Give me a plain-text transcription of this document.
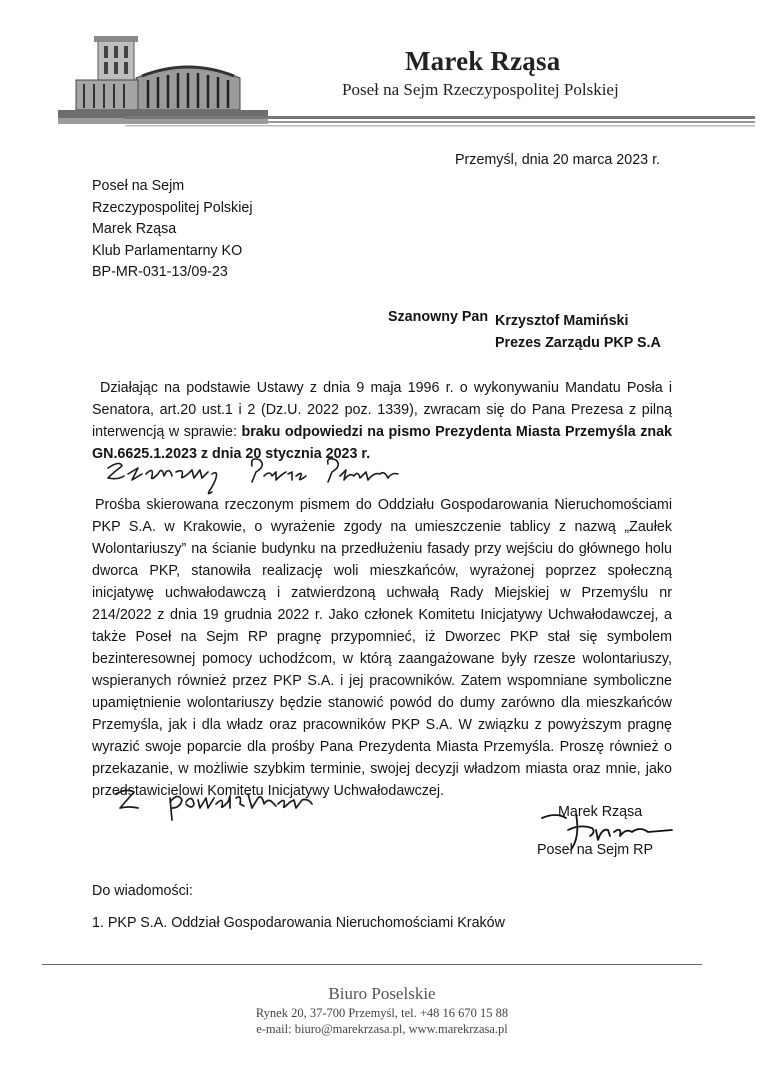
Marek Rząsa
Poseł na Sejm Rzeczypospolitej Polskiej
Przemyśl, dnia 20 marca 2023 r.
Poseł na Sejm
Rzeczypospolitej Polskiej
Marek Rząsa
Klub Parlamentarny KO
BP-MR-031-13/09-23
Szanowny Pan Krzysztof Mamiński
Prezes Zarządu PKP S.A
Działając na podstawie Ustawy z dnia 9 maja 1996 r. o wykonywaniu Mandatu Posła i Senatora, art.20 ust.1 i 2 (Dz.U. 2022 poz. 1339), zwracam się do Pana Prezesa z pilną interwencją w sprawie: braku odpowiedzi na pismo Prezydenta Miasta Przemyśla znak GN.6625.1.2023 z dnia 20 stycznia 2023 r.
Prośba skierowana rzeczonym pismem do Oddziału Gospodarowania Nieruchomościami PKP S.A. w Krakowie, o wyrażenie zgody na umieszczenie tablicy z nazwą „Zaułek Wolontariuszy” na ścianie budynku na przedłużeniu fasady przy wejściu do głównego holu dworca PKP, stanowiła realizację woli mieszkańców, wyrażonej poprzez społeczną inicjatywę uchwałodawczą i zatwierdzoną uchwałą Rady Miejskiej w Przemyślu nr 214/2022 z dnia 19 grudnia 2022 r. Jako członek Komitetu Inicjatywy Uchwałodawczej, a także Poseł na Sejm RP pragnę przypomnieć, iż Dworzec PKP stał się symbolem bezinteresownej pomocy uchodźcom, w którą zaangażowane były rzesze wolontariuszy, wspieranych również przez PKP S.A. i jej pracowników. Zatem wspomniane symboliczne upamiętnienie wolontariuszy będzie stanowić powód do dumy zarówno dla mieszkańców Przemyśla, jak i dla władz oraz pracowników PKP S.A. W związku z powyższym pragnę wyrazić swoje poparcie dla prośby Pana Prezydenta Miasta Przemyśla. Proszę również o przekazanie, w możliwie szybkim terminie, swojej decyzji władzom miasta oraz mnie, jako przedstawicielowi Komitetu Inicjatywy Uchwałodawczej.
Marek Rząsa
Poseł na Sejm RP
Do wiadomości:
1. PKP S.A. Oddział Gospodarowania Nieruchomościami Kraków
Biuro Poselskie
Rynek 20, 37-700 Przemyśl, tel. +48 16 670 15 88
e-mail: biuro@marekrzasa.pl, www.marekrzasa.pl
